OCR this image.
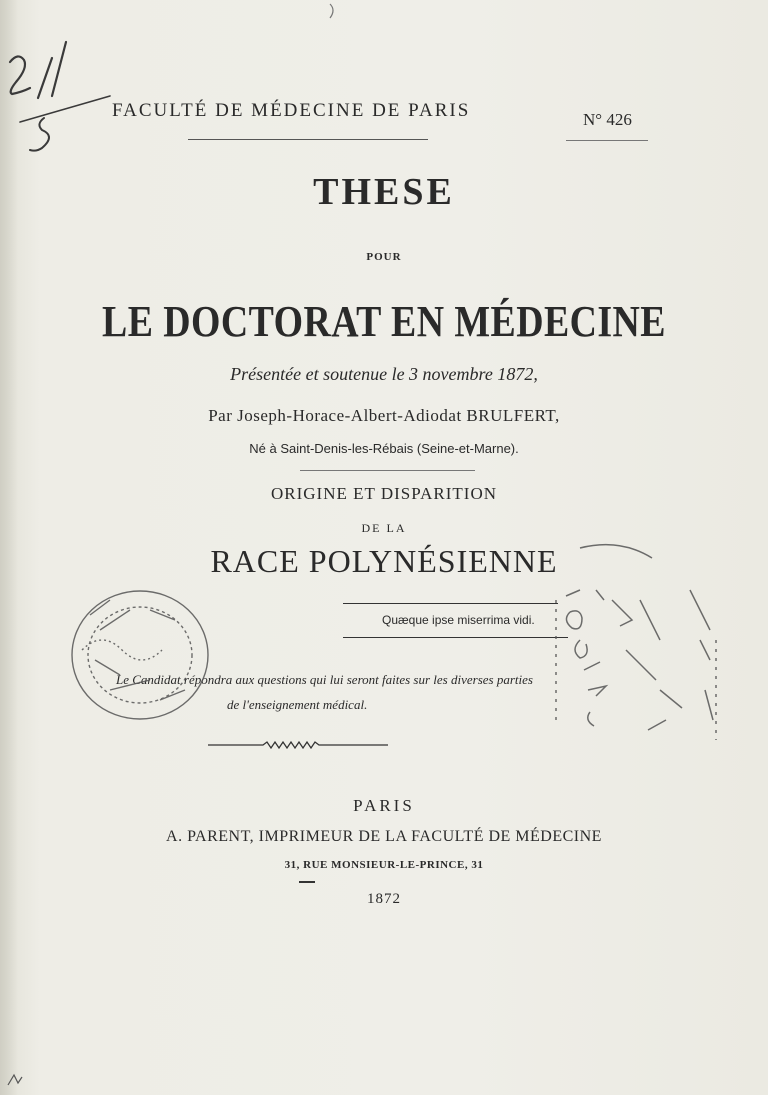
FACULTÉ DE MÉDECINE DE PARIS	N° 426
THESE
POUR
LE DOCTORAT EN MÉDECINE
Présentée et soutenue le 3 novembre 1872,
Par Joseph-Horace-Albert-Adiodat BRULFERT,
Né à Saint-Denis-les-Rébais (Seine-et-Marne).
ORIGINE ET DISPARITION
DE LA
RACE POLYNÉSIENNE
Quæque ipse miserrima vidi.
Le Candidat répondra aux questions qui lui seront faites sur les diverses parties
de l'enseignement médical.
PARIS
A. PARENT, IMPRIMEUR DE LA FACULTÉ DE MÉDECINE
31, RUE MONSIEUR-LE-PRINCE, 31
1872
